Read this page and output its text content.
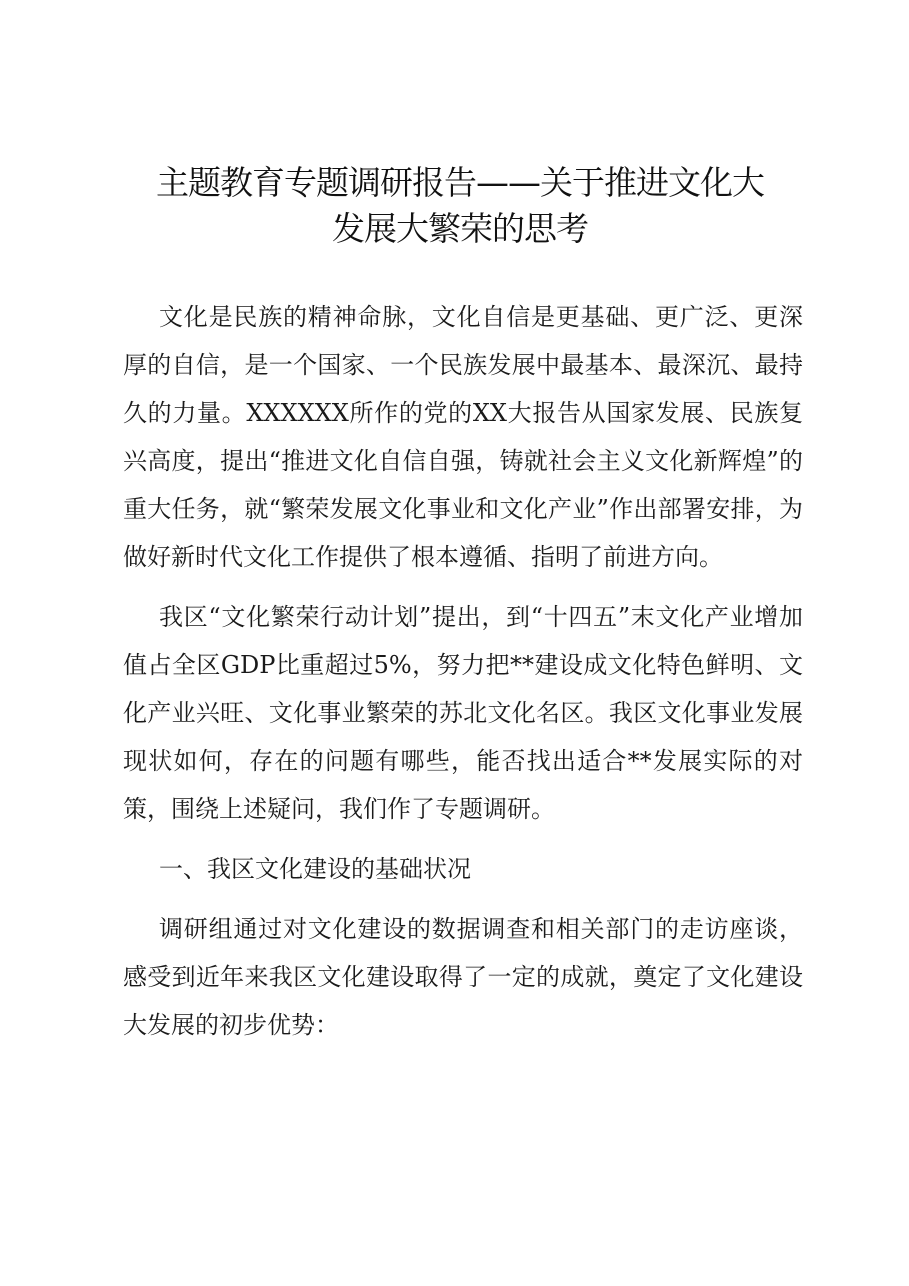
主题教育专题调研报告——关于推进文化大
发展大繁荣的思考

文化是民族的精神命脉，文化自信是更基础、更广泛、更深厚的自信，是一个国家、一个民族发展中最基本、最深沉、最持久的力量。XXXXXX所作的党的XX大报告从国家发展、民族复兴高度，提出“推进文化自信自强，铸就社会主义文化新辉煌”的重大任务，就“繁荣发展文化事业和文化产业”作出部署安排，为做好新时代文化工作提供了根本遵循、指明了前进方向。

我区“文化繁荣行动计划”提出，到“十四五”末文化产业增加值占全区GDP比重超过5%，努力把**建设成文化特色鲜明、文化产业兴旺、文化事业繁荣的苏北文化名区。我区文化事业发展现状如何，存在的问题有哪些，能否找出适合**发展实际的对策，围绕上述疑问，我们作了专题调研。

一、我区文化建设的基础状况

调研组通过对文化建设的数据调查和相关部门的走访座谈，感受到近年来我区文化建设取得了一定的成就，奠定了文化建设大发展的初步优势：
